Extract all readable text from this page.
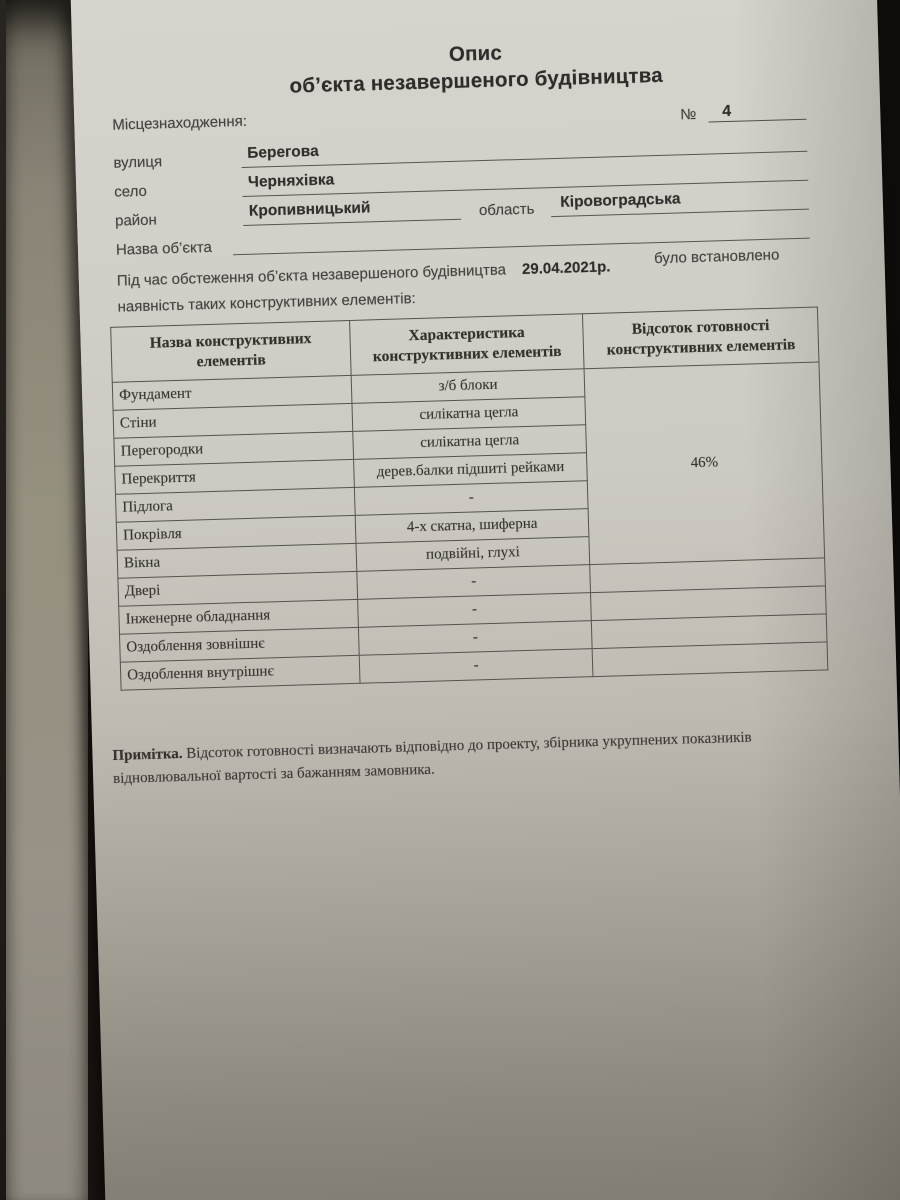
Опис
об’єкта незавершеного будівництва
Місцезнаходження:	№	4
вулиця
Берегова
село
Черняхівка
район
Кропивницький	область	Кіровоградська
Назва об’єкта
Під час обстеження об’єкта незавершеного будівництва 29.04.2021р.
було встановлено
наявність таких конструктивних елементів:
Назва конструктивних елементів	Характеристика конструктивних елементів	Відсоток готовності конструктивних елементів
Фундамент	з/б блоки	46%
Стіни	силікатна цегла	
Перегородки	силікатна цегла	
Перекриття	дерев.балки підшиті рейками	
Підлога	-	
Покрівля	4-х скатна, шиферна	
Вікна	подвійні, глухі	
Двері	-	
Інженерне обладнання	-	
Оздоблення зовнішнє	-	
Оздоблення внутрішнє	-	

Примітка. Відсоток готовності визначають відповідно до проекту, збірника укрупнених показників відновлювальної вартості за бажанням замовника.
